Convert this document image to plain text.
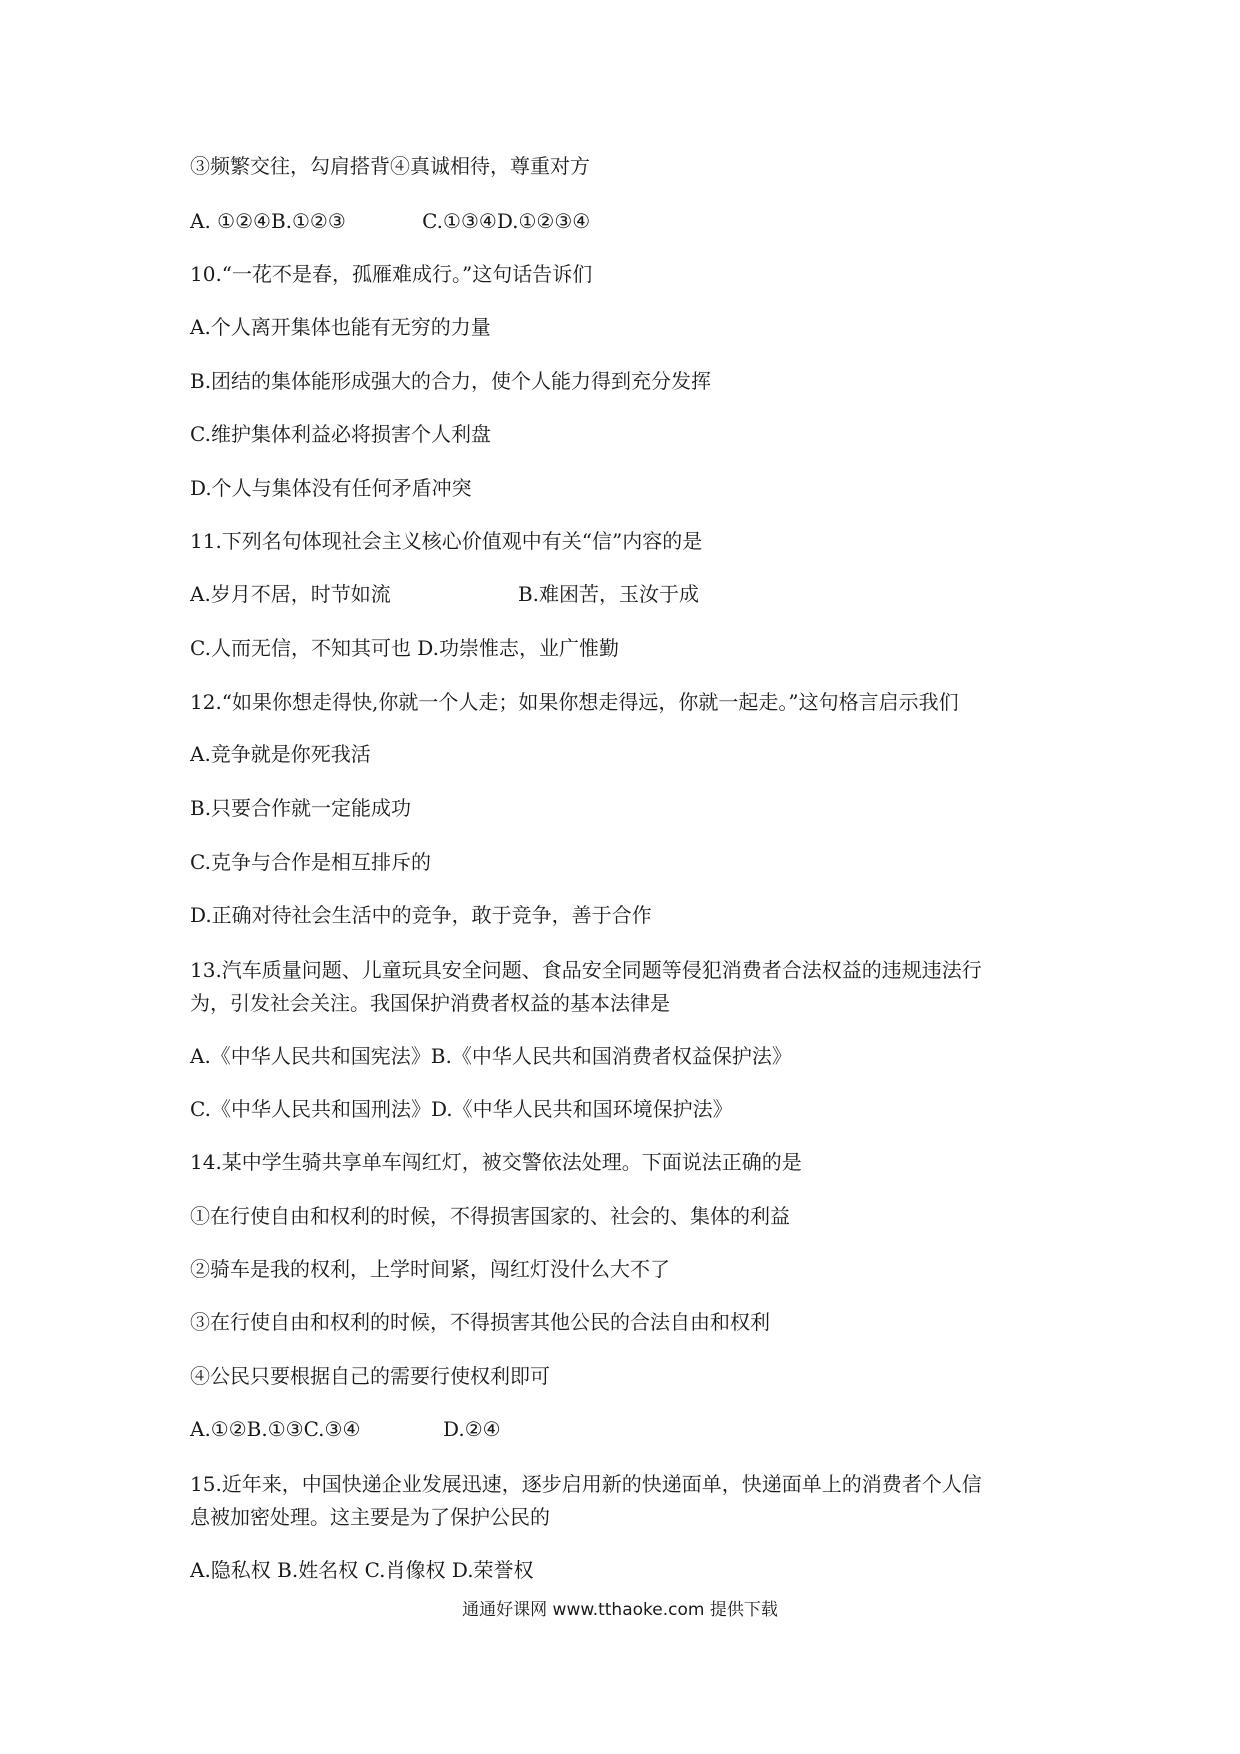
③频繁交往，勾肩搭背④真诚相待，尊重对方

A. ①②④B.①②③            C.①③④D.①②③④

10.“一花不是春，孤雁难成行。”这句话告诉们

A.个人离开集体也能有无穷的力量

B.团结的集体能形成强大的合力，使个人能力得到充分发挥

C.维护集体利益必将损害个人利盘

D.个人与集体没有任何矛盾冲突

11.下列名句体现社会主义核心价值观中有关“信”内容的是

A.岁月不居，时节如流                    B.难困苦，玉汝于成

C.人而无信，不知其可也 D.功崇惟志，业广惟勤

12.“如果你想走得快,你就一个人走；如果你想走得远，你就一起走。”这句格言启示我们

A.竞争就是你死我活

B.只要合作就一定能成功

C.克争与合作是相互排斥的

D.正确对待社会生活中的竞争，敢于竞争，善于合作

13.汽车质量问题、儿童玩具安全问题、食品安全同题等侵犯消费者合法权益的违规违法行

为，引发社会关注。我国保护消费者权益的基本法律是

A.《中华人民共和国宪法》B.《中华人民共和国消费者权益保护法》

C.《中华人民共和国刑法》D.《中华人民共和国环境保护法》

14.某中学生骑共享单车闯红灯，被交警依法处理。下面说法正确的是

①在行使自由和权利的时候，不得损害国家的、社会的、集体的利益

②骑车是我的权利，上学时间紧，闯红灯没什么大不了

③在行使自由和权利的时候，不得损害其他公民的合法自由和权利

④公民只要根据自己的需要行使权利即可

A.①②B.①③C.③④             D.②④

15.近年来，中国快递企业发展迅速，逐步启用新的快递面单，快递面单上的消费者个人信

息被加密处理。这主要是为了保护公民的

A.隐私权 B.姓名权 C.肖像权 D.荣誉权

通通好课网 www.tthaoke.com 提供下载
